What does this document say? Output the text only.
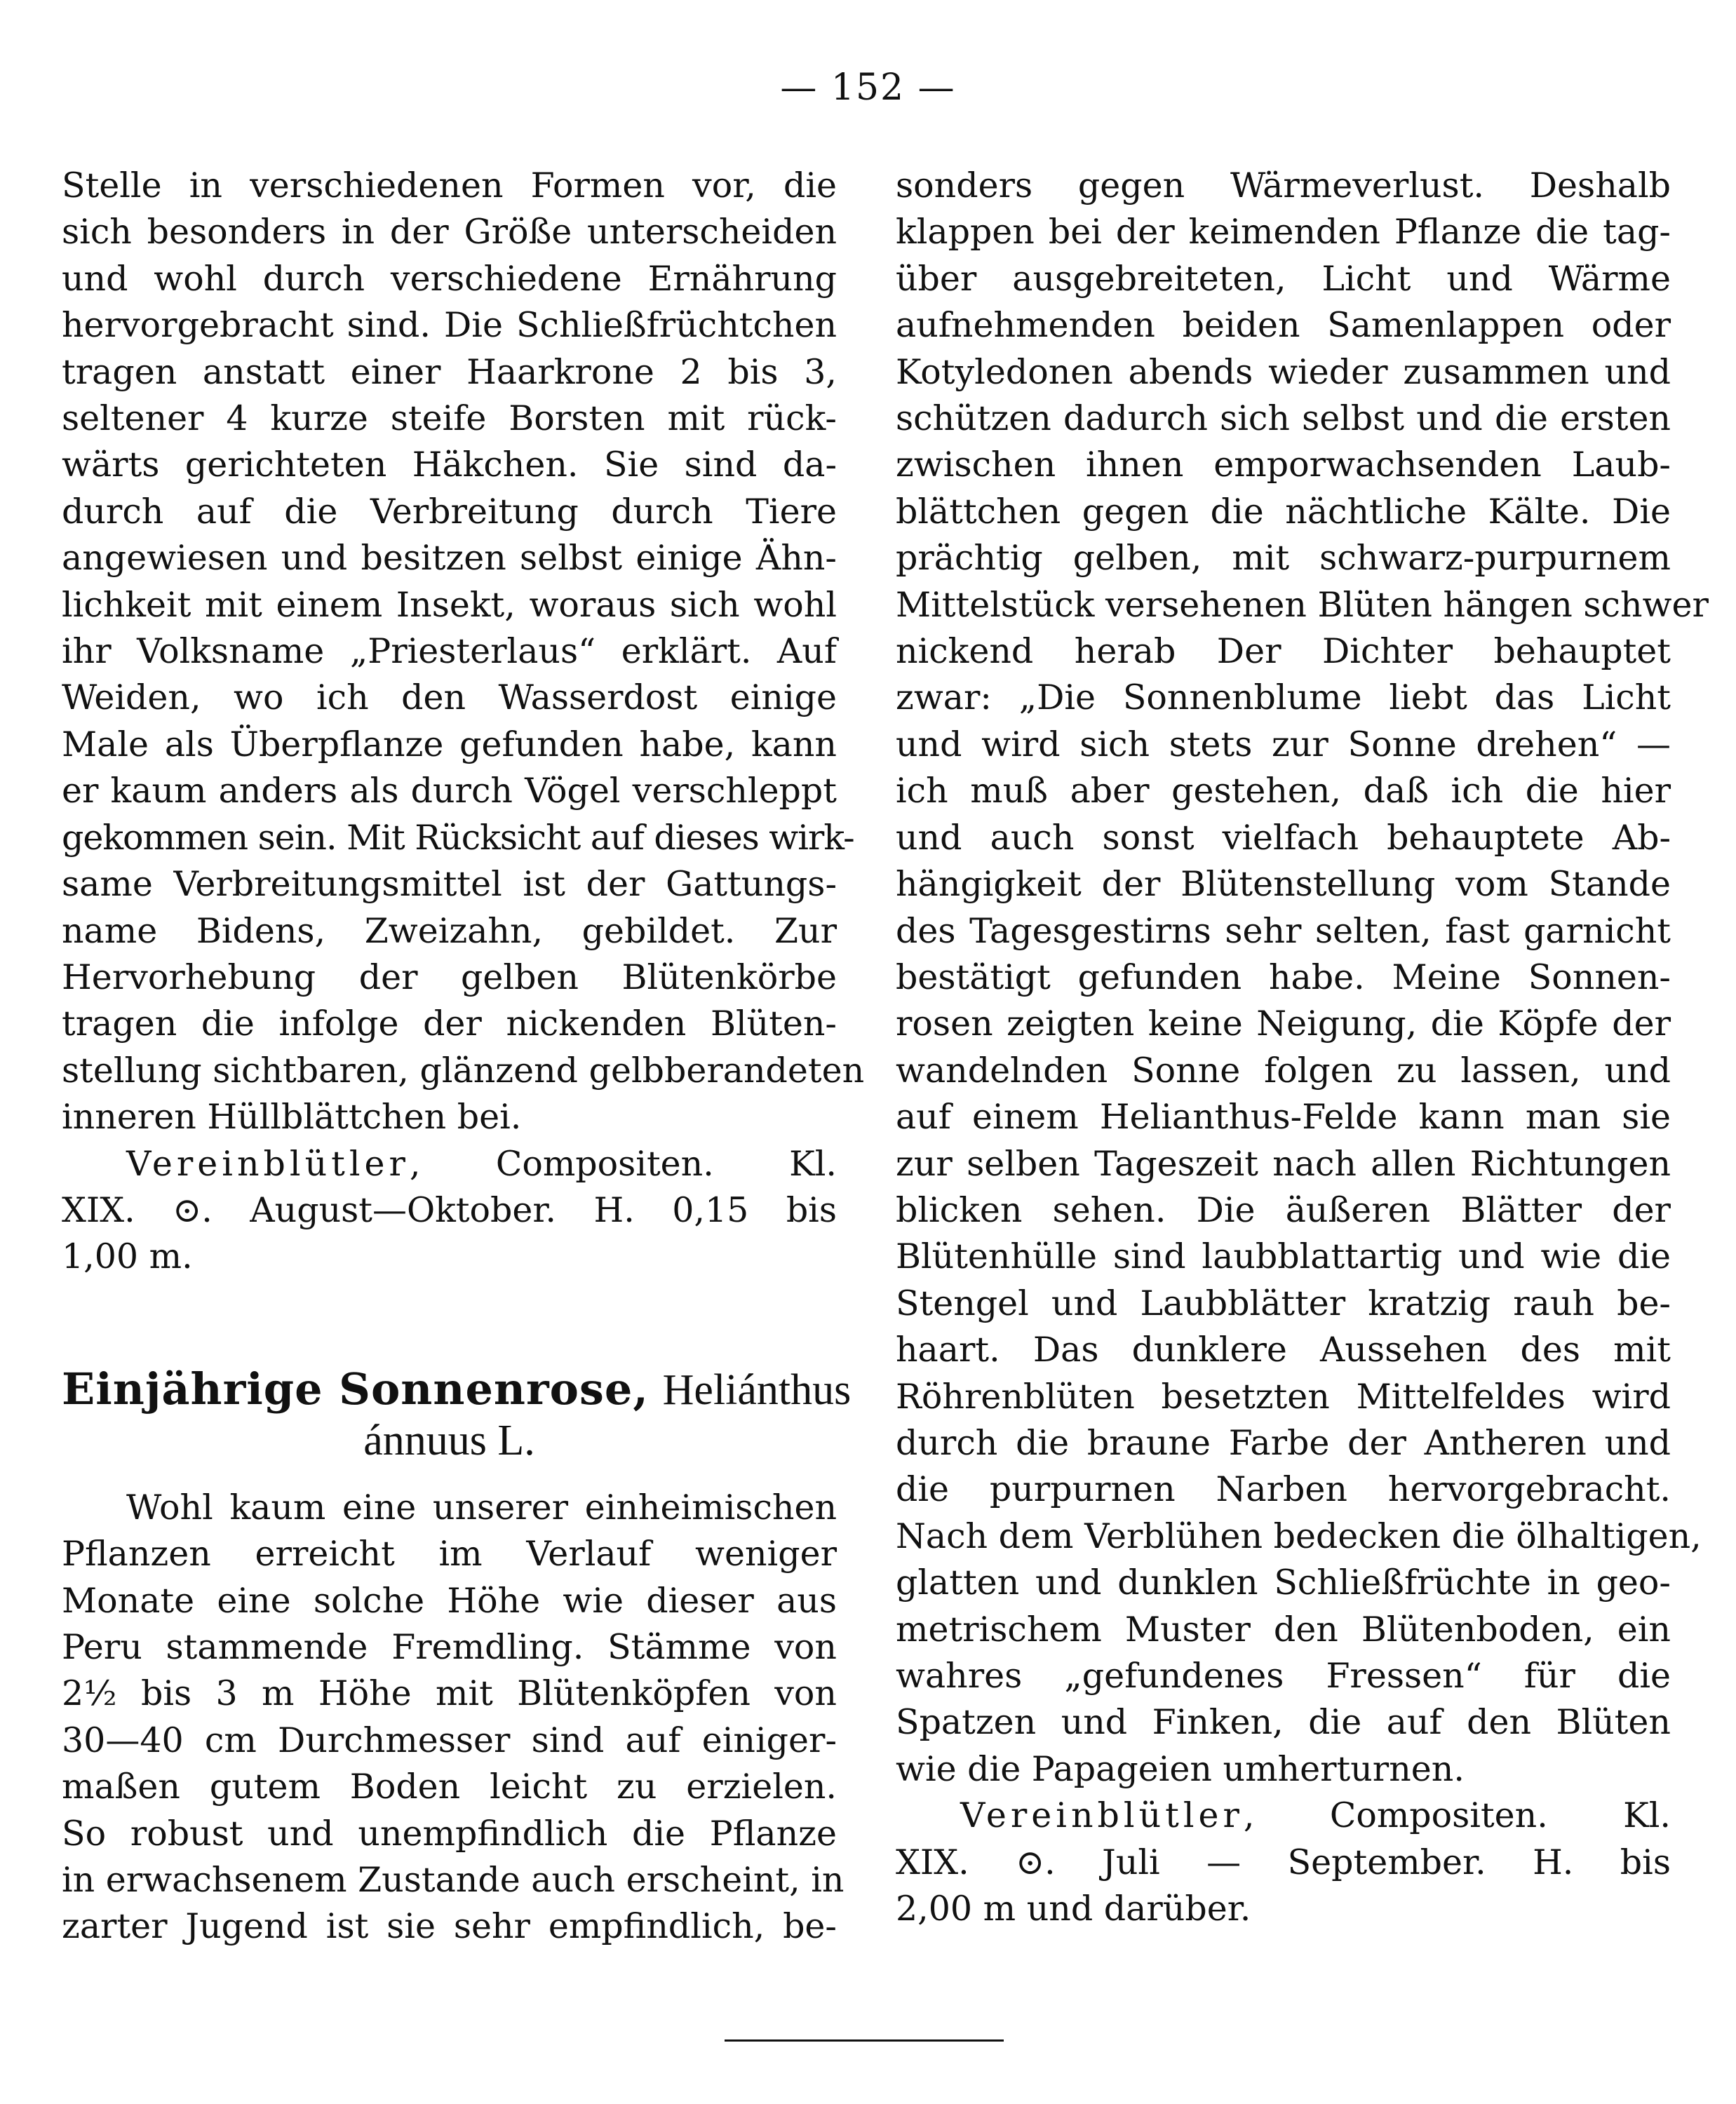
— 152 —
Stelle in verschiedenen Formen vor, die
sich besonders in der Größe unterscheiden
und wohl durch verschiedene Ernährung
hervorgebracht sind. Die Schließfrüchtchen
tragen anstatt einer Haarkrone 2 bis 3,
seltener 4 kurze steife Borsten mit rück-
wärts gerichteten Häkchen. Sie sind da-
durch auf die Verbreitung durch Tiere
angewiesen und besitzen selbst einige Ähn-
lichkeit mit einem Insekt, woraus sich wohl
ihr Volksname „Priesterlaus“ erklärt. Auf
Weiden, wo ich den Wasserdost einige
Male als Überpflanze gefunden habe, kann
er kaum anders als durch Vögel verschleppt
gekommen sein. Mit Rücksicht auf dieses wirk-
same Verbreitungsmittel ist der Gattungs-
name Bidens, Zweizahn, gebildet. Zur
Hervorhebung der gelben Blütenkörbe
tragen die infolge der nickenden Blüten-
stellung sichtbaren, glänzend gelbberandeten
inneren Hüllblättchen bei.
Vereinblütler, Compositen. Kl.
XIX. ⊙. August—Oktober. H. 0,15 bis
1,00 m.
Einjährige Sonnenrose, Heliánthus
ánnuus L.
Wohl kaum eine unserer einheimischen
Pflanzen erreicht im Verlauf weniger
Monate eine solche Höhe wie dieser aus
Peru stammende Fremdling. Stämme von
2½ bis 3 m Höhe mit Blütenköpfen von
30—40 cm Durchmesser sind auf einiger-
maßen gutem Boden leicht zu erzielen.
So robust und unempfindlich die Pflanze
in erwachsenem Zustande auch erscheint, in
zarter Jugend ist sie sehr empfindlich, be-
sonders gegen Wärmeverlust. Deshalb
klappen bei der keimenden Pflanze die tag-
über ausgebreiteten, Licht und Wärme
aufnehmenden beiden Samenlappen oder
Kotyledonen abends wieder zusammen und
schützen dadurch sich selbst und die ersten
zwischen ihnen emporwachsenden Laub-
blättchen gegen die nächtliche Kälte. Die
prächtig gelben, mit schwarz-purpurnem
Mittelstück versehenen Blüten hängen schwer
nickend herab Der Dichter behauptet
zwar: „Die Sonnenblume liebt das Licht
und wird sich stets zur Sonne drehen“ —
ich muß aber gestehen, daß ich die hier
und auch sonst vielfach behauptete Ab-
hängigkeit der Blütenstellung vom Stande
des Tagesgestirns sehr selten, fast garnicht
bestätigt gefunden habe. Meine Sonnen-
rosen zeigten keine Neigung, die Köpfe der
wandelnden Sonne folgen zu lassen, und
auf einem Helianthus-Felde kann man sie
zur selben Tageszeit nach allen Richtungen
blicken sehen. Die äußeren Blätter der
Blütenhülle sind laubblattartig und wie die
Stengel und Laubblätter kratzig rauh be-
haart. Das dunklere Aussehen des mit
Röhrenblüten besetzten Mittelfeldes wird
durch die braune Farbe der Antheren und
die purpurnen Narben hervorgebracht.
Nach dem Verblühen bedecken die ölhaltigen,
glatten und dunklen Schließfrüchte in geo-
metrischem Muster den Blütenboden, ein
wahres „gefundenes Fressen“ für die
Spatzen und Finken, die auf den Blüten
wie die Papageien umherturnen.
Vereinblütler, Compositen. Kl.
XIX. ⊙. Juli — September. H. bis
2,00 m und darüber.
